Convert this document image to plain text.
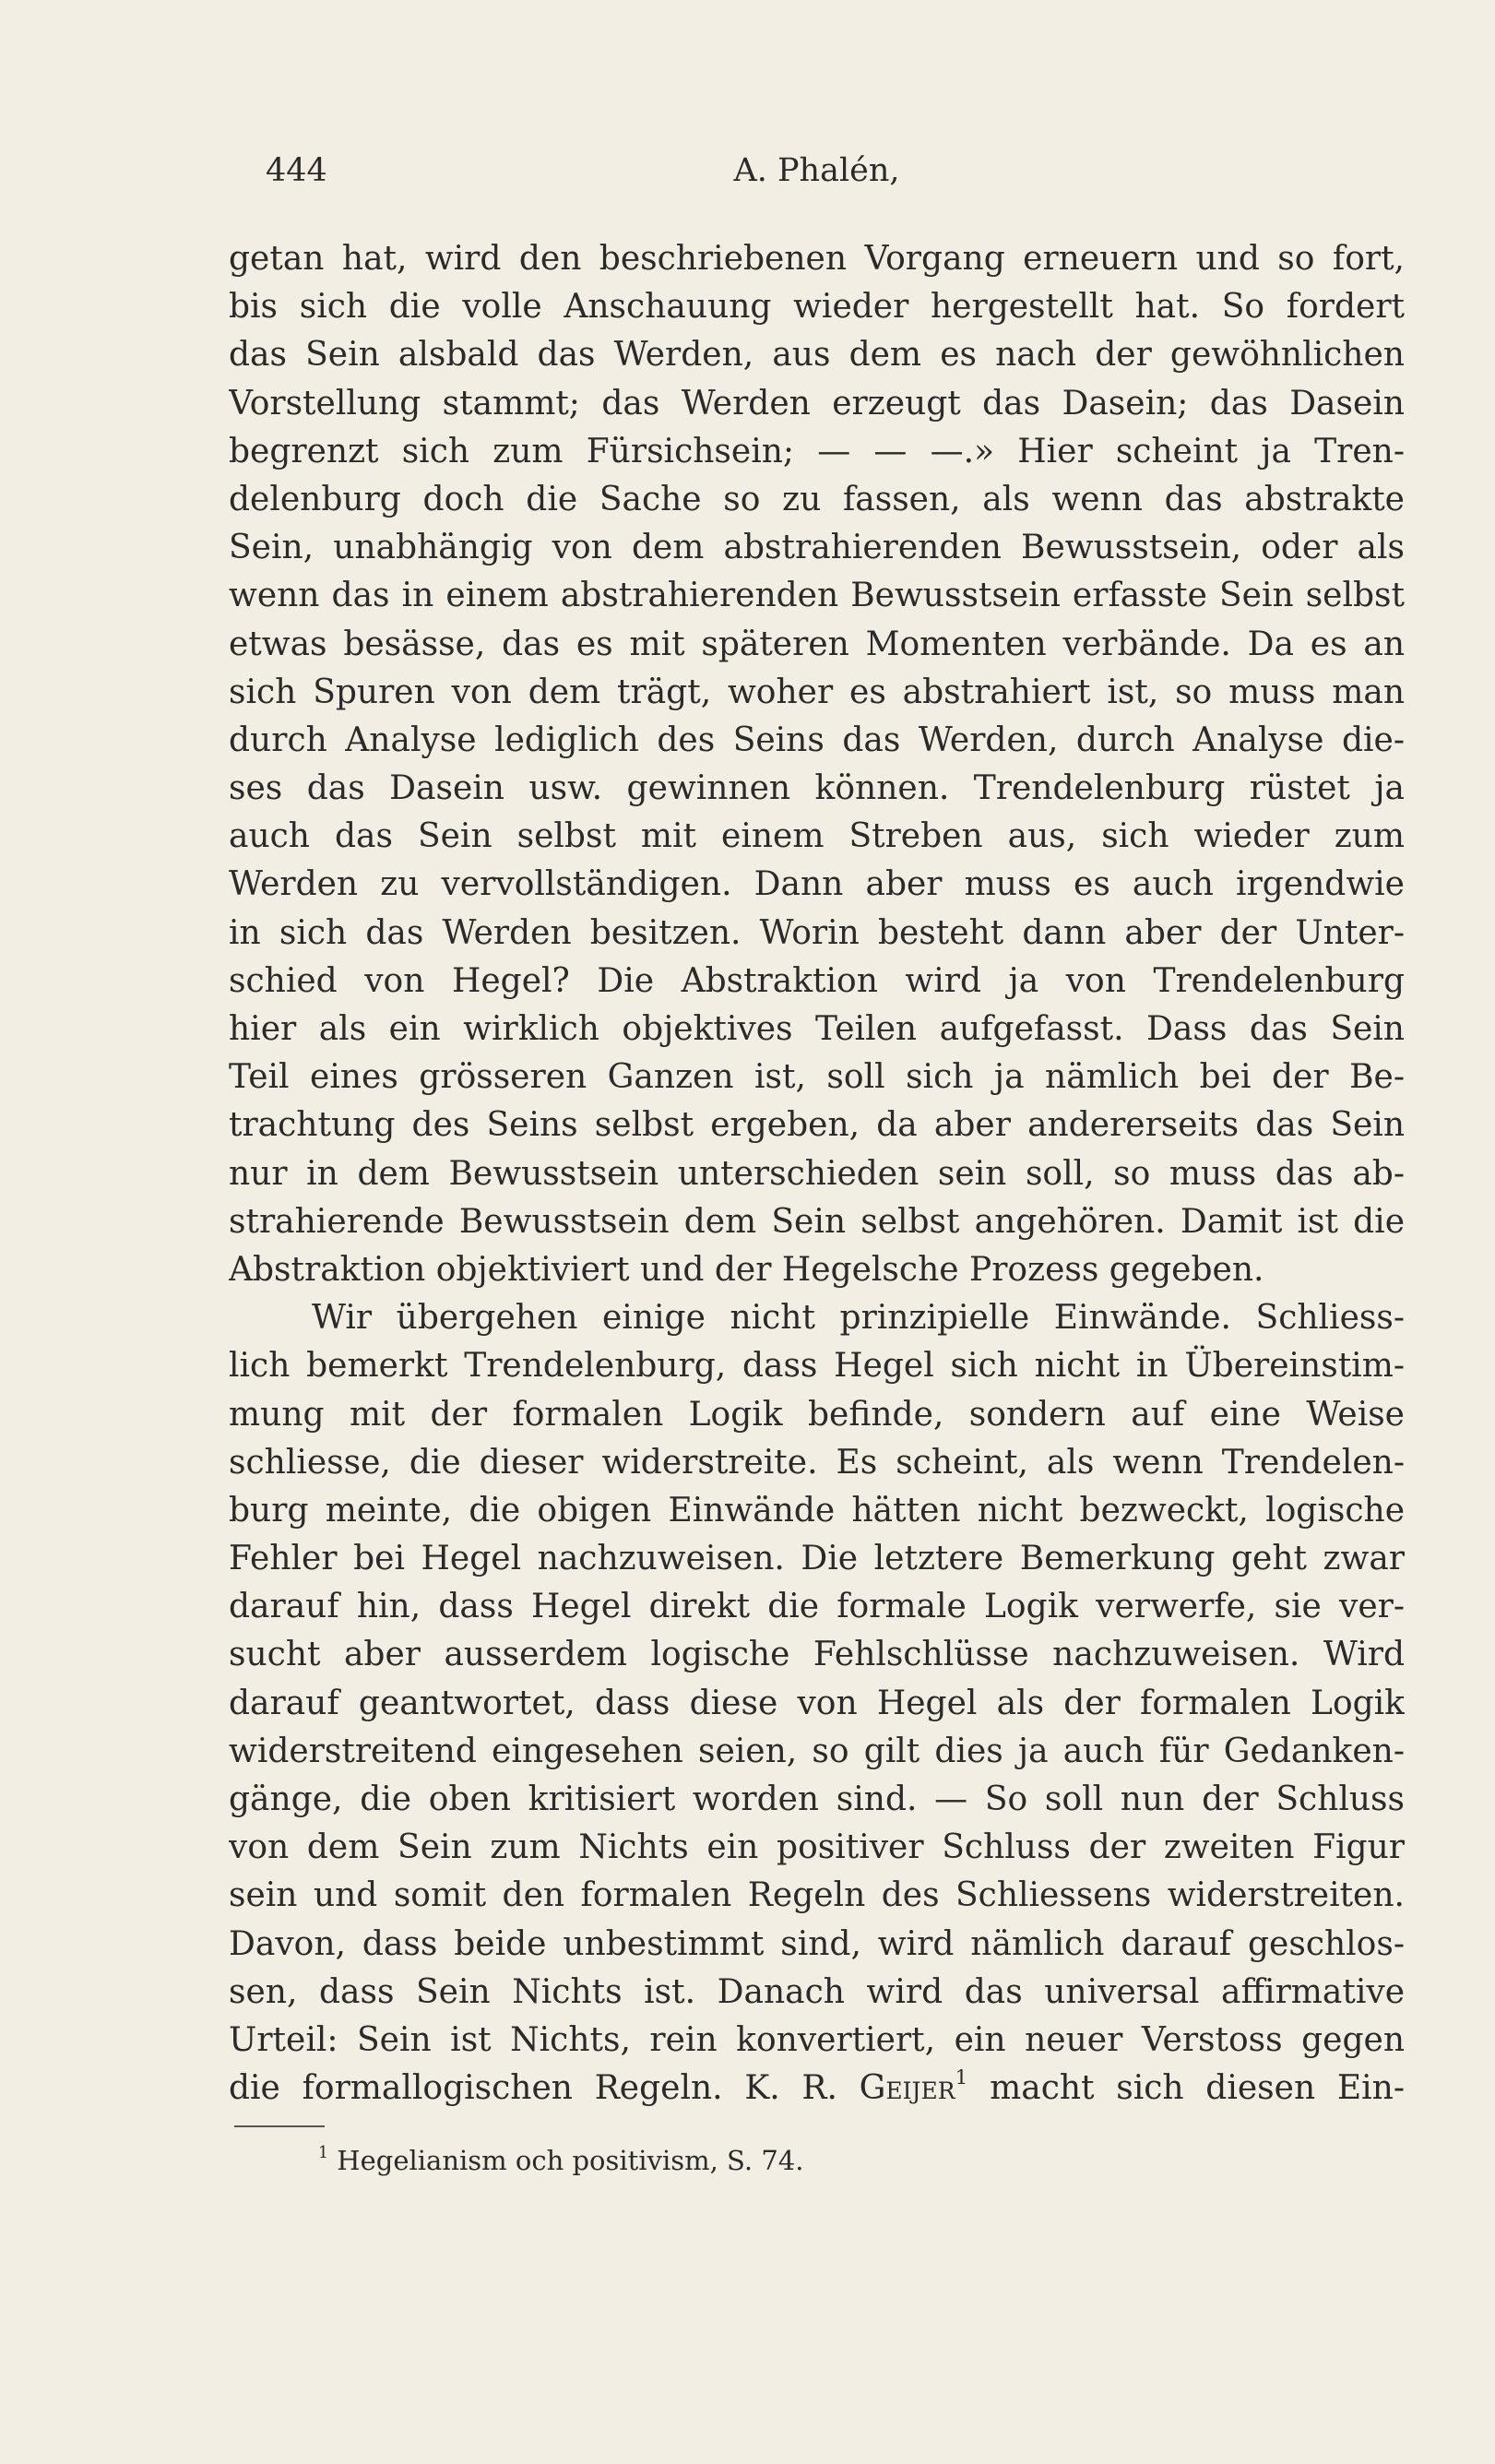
444	A. Phalén,
getan hat, wird den beschriebenen Vorgang erneuern und so fort,
bis sich die volle Anschauung wieder hergestellt hat. So fordert
das Sein alsbald das Werden, aus dem es nach der gewöhnlichen
Vorstellung stammt; das Werden erzeugt das Dasein; das Dasein
begrenzt sich zum Fürsichsein; — — —.» Hier scheint ja Tren-
delenburg doch die Sache so zu fassen, als wenn das abstrakte
Sein, unabhängig von dem abstrahierenden Bewusstsein, oder als
wenn das in einem abstrahierenden Bewusstsein erfasste Sein selbst
etwas besässe, das es mit späteren Momenten verbände. Da es an
sich Spuren von dem trägt, woher es abstrahiert ist, so muss man
durch Analyse lediglich des Seins das Werden, durch Analyse die-
ses das Dasein usw. gewinnen können. Trendelenburg rüstet ja
auch das Sein selbst mit einem Streben aus, sich wieder zum
Werden zu vervollständigen. Dann aber muss es auch irgendwie
in sich das Werden besitzen. Worin besteht dann aber der Unter-
schied von Hegel? Die Abstraktion wird ja von Trendelenburg
hier als ein wirklich objektives Teilen aufgefasst. Dass das Sein
Teil eines grösseren Ganzen ist, soll sich ja nämlich bei der Be-
trachtung des Seins selbst ergeben, da aber andererseits das Sein
nur in dem Bewusstsein unterschieden sein soll, so muss das ab-
strahierende Bewusstsein dem Sein selbst angehören. Damit ist die
Abstraktion objektiviert und der Hegelsche Prozess gegeben.
Wir übergehen einige nicht prinzipielle Einwände. Schliess-
lich bemerkt Trendelenburg, dass Hegel sich nicht in Übereinstim-
mung mit der formalen Logik befinde, sondern auf eine Weise
schliesse, die dieser widerstreite. Es scheint, als wenn Trendelen-
burg meinte, die obigen Einwände hätten nicht bezweckt, logische
Fehler bei Hegel nachzuweisen. Die letztere Bemerkung geht zwar
darauf hin, dass Hegel direkt die formale Logik verwerfe, sie ver-
sucht aber ausserdem logische Fehlschlüsse nachzuweisen. Wird
darauf geantwortet, dass diese von Hegel als der formalen Logik
widerstreitend eingesehen seien, so gilt dies ja auch für Gedanken-
gänge, die oben kritisiert worden sind. — So soll nun der Schluss
von dem Sein zum Nichts ein positiver Schluss der zweiten Figur
sein und somit den formalen Regeln des Schliessens widerstreiten.
Davon, dass beide unbestimmt sind, wird nämlich darauf geschlos-
sen, dass Sein Nichts ist. Danach wird das universal affirmative
Urteil: Sein ist Nichts, rein konvertiert, ein neuer Verstoss gegen
die formallogischen Regeln. K. R. Geijer$^1$ macht sich diesen Ein-
$^1$ Hegelianism och positivism, S. 74.
